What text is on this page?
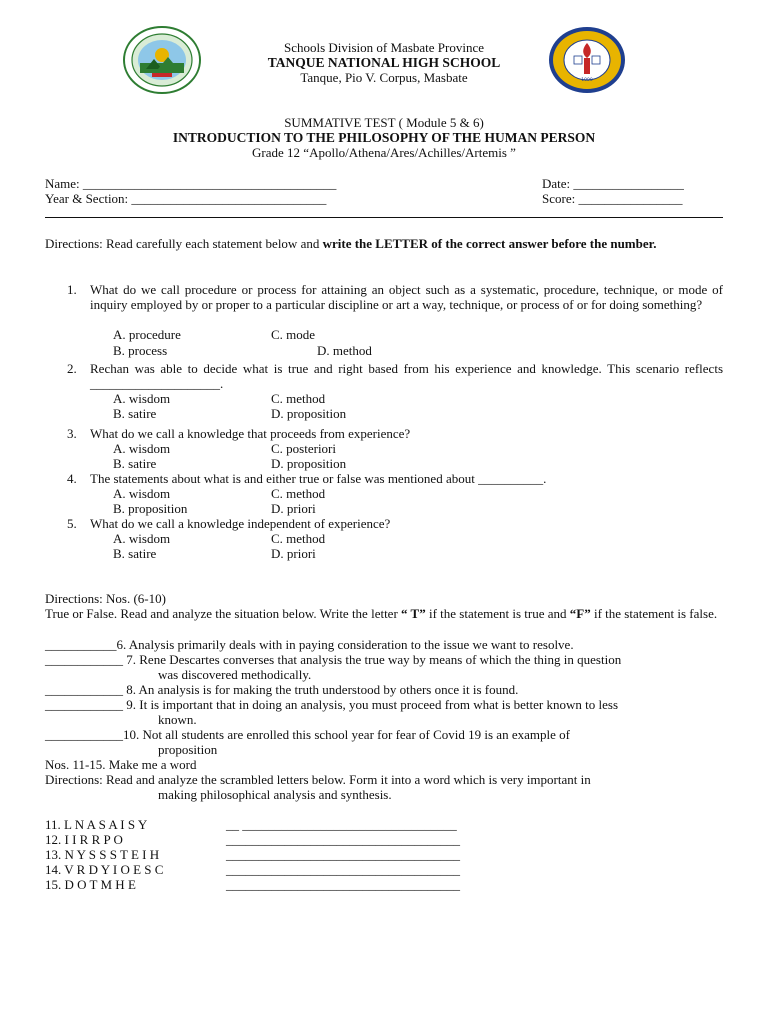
1990
Schools Division of Masbate Province
TANQUE NATIONAL HIGH SCHOOL
Tanque, Pio V. Corpus, Masbate
SUMMATIVE TEST ( Module 5 & 6)
INTRODUCTION TO THE PHILOSOPHY OF THE HUMAN PERSON
Grade 12 “Apollo/Athena/Ares/Achilles/Artemis ”
Name: _______________________________________
Year & Section: ______________________________
Date: _________________
Score: ________________
Directions: Read carefully each statement below and write the LETTER of the correct answer before the number.
1. What do we call procedure or process for attaining an object such as a systematic, procedure, technique, or mode of inquiry employed by or proper to a particular discipline or art a way, technique, or process of or for doing something?
A. procedure	C. mode
B. process	D. method
2. Rechan was able to decide what is true and right based from his experience and knowledge. This scenario reflects ____________________.
A. wisdom	C. method
B. satire	D. proposition
3. What do we call a knowledge that proceeds from experience?
A. wisdom	C. posteriori
B. satire	D. proposition
4. The statements about what is and either true or false was mentioned about __________.
A. wisdom	C. method
B. proposition	D. priori
5. What do we call a knowledge independent of experience?
A. wisdom	C. method
B. satire	D. priori
Directions: Nos. (6-10)
True or False. Read and analyze the situation below. Write the letter “ T” if the statement is true and “F” if the statement is false.
___________6. Analysis primarily deals with in paying consideration to the issue we want to resolve.
____________ 7. Rene Descartes converses that analysis the true way by means of which the thing in question
was discovered methodically.
____________ 8. An analysis is for making the truth understood by others once it is found.
____________ 9. It is important that in doing an analysis, you must proceed from what is better known to less
known.
____________10. Not all students are enrolled this school year for fear of Covid 19 is an example of
proposition
Nos. 11-15. Make me a word
Directions: Read and analyze the scrambled letters below. Form it into a word which is very important in
making philosophical analysis and synthesis.
11. L N A S A I S Y	__ _________________________________
12. I I R R P O	____________________________________
13. N Y S S S T E I H	____________________________________
14. V R D Y I O E S C	____________________________________
15. D O T M H E	____________________________________
